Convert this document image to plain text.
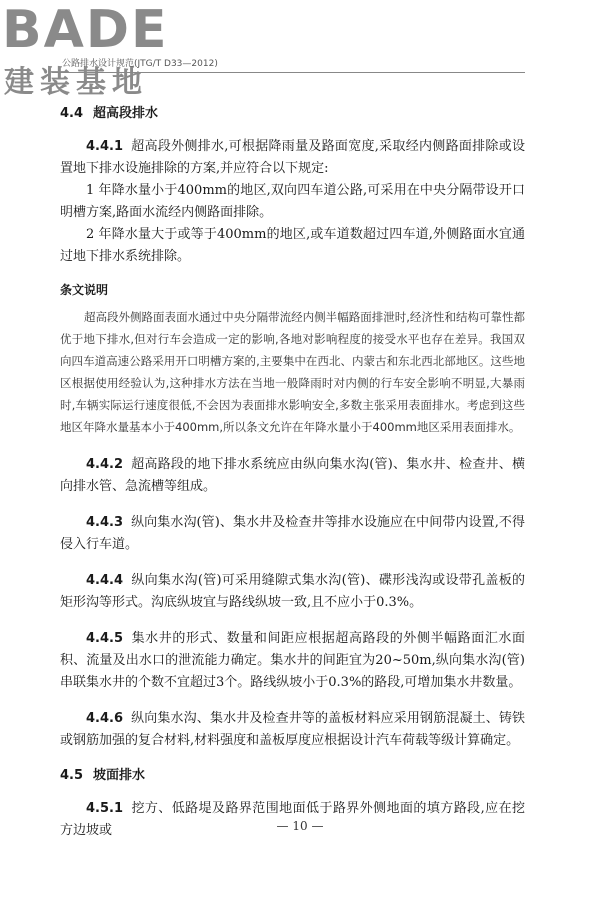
BADE
建装基地
公路排水设计规范(JTG/T D33—2012)
4.4 超高段排水

4.4.1 超高段外侧排水,可根据降雨量及路面宽度,采取经内侧路面排除或设置地下排水设施排除的方案,并应符合以下规定:

1 年降水量小于400mm的地区,双向四车道公路,可采用在中央分隔带设开口明槽方案,路面水流经内侧路面排除。

2 年降水量大于或等于400mm的地区,或车道数超过四车道,外侧路面水宜通过地下排水系统排除。

条文说明

超高段外侧路面表面水通过中央分隔带流经内侧半幅路面排泄时,经济性和结构可靠性都优于地下排水,但对行车会造成一定的影响,各地对影响程度的接受水平也存在差异。我国双向四车道高速公路采用开口明槽方案的,主要集中在西北、内蒙古和东北西北部地区。这些地区根据使用经验认为,这种排水方法在当地一般降雨时对内侧的行车安全影响不明显,大暴雨时,车辆实际运行速度很低,不会因为表面排水影响安全,多数主张采用表面排水。考虑到这些地区年降水量基本小于400mm,所以条文允许在年降水量小于400mm地区采用表面排水。

4.4.2 超高路段的地下排水系统应由纵向集水沟(管)、集水井、检查井、横向排水管、急流槽等组成。

4.4.3 纵向集水沟(管)、集水井及检查井等排水设施应在中间带内设置,不得侵入行车道。

4.4.4 纵向集水沟(管)可采用缝隙式集水沟(管)、碟形浅沟或设带孔盖板的矩形沟等形式。沟底纵坡宜与路线纵坡一致,且不应小于0.3%。

4.4.5 集水井的形式、数量和间距应根据超高路段的外侧半幅路面汇水面积、流量及出水口的泄流能力确定。集水井的间距宜为20~50m,纵向集水沟(管)串联集水井的个数不宜超过3个。路线纵坡小于0.3%的路段,可增加集水井数量。

4.4.6 纵向集水沟、集水井及检查井等的盖板材料应采用钢筋混凝土、铸铁或钢筋加强的复合材料,材料强度和盖板厚度应根据设计汽车荷载等级计算确定。

4.5 坡面排水

4.5.1 挖方、低路堤及路界范围地面低于路界外侧地面的填方路段,应在挖方边坡或	— 10 —
